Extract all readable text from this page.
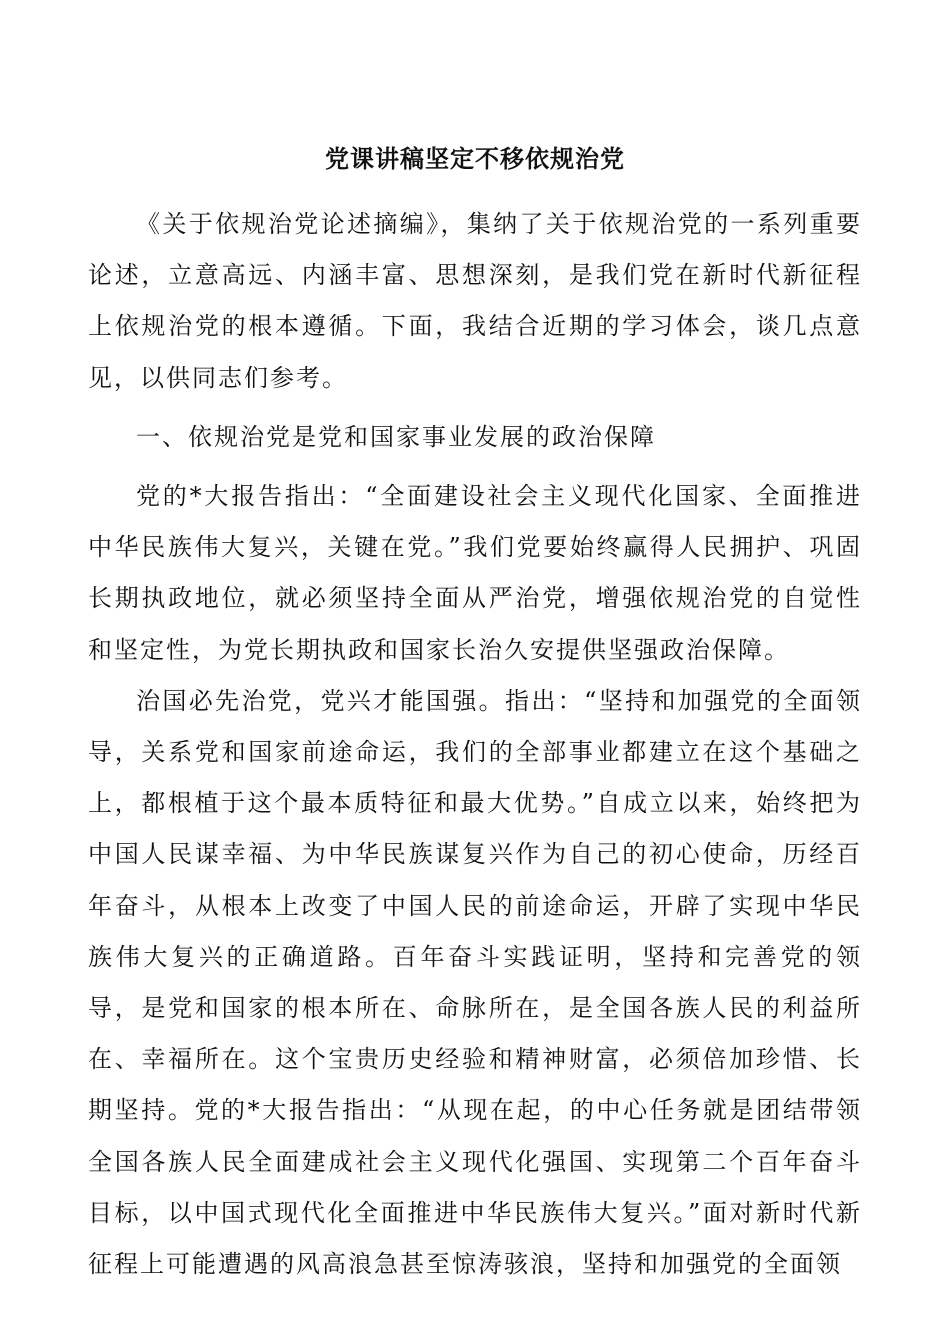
党课讲稿坚定不移依规治党

《关于依规治党论述摘编》，集纳了关于依规治党的一系列重要论述，立意高远、内涵丰富、思想深刻，是我们党在新时代新征程上依规治党的根本遵循。下面，我结合近期的学习体会，谈几点意见，以供同志们参考。

一、依规治党是党和国家事业发展的政治保障

党的*大报告指出：“全面建设社会主义现代化国家、全面推进中华民族伟大复兴，关键在党。”我们党要始终赢得人民拥护、巩固长期执政地位，就必须坚持全面从严治党，增强依规治党的自觉性和坚定性，为党长期执政和国家长治久安提供坚强政治保障。

治国必先治党，党兴才能国强。指出：“坚持和加强党的全面领导，关系党和国家前途命运，我们的全部事业都建立在这个基础之上，都根植于这个最本质特征和最大优势。”自成立以来，始终把为中国人民谋幸福、为中华民族谋复兴作为自己的初心使命，历经百年奋斗，从根本上改变了中国人民的前途命运，开辟了实现中华民族伟大复兴的正确道路。百年奋斗实践证明，坚持和完善党的领导，是党和国家的根本所在、命脉所在，是全国各族人民的利益所在、幸福所在。这个宝贵历史经验和精神财富，必须倍加珍惜、长期坚持。党的*大报告指出：“从现在起，的中心任务就是团结带领全国各族人民全面建成社会主义现代化强国、实现第二个百年奋斗目标，以中国式现代化全面推进中华民族伟大复兴。”面对新时代新征程上可能遭遇的风高浪急甚至惊涛骇浪，坚持和加强党的全面领
